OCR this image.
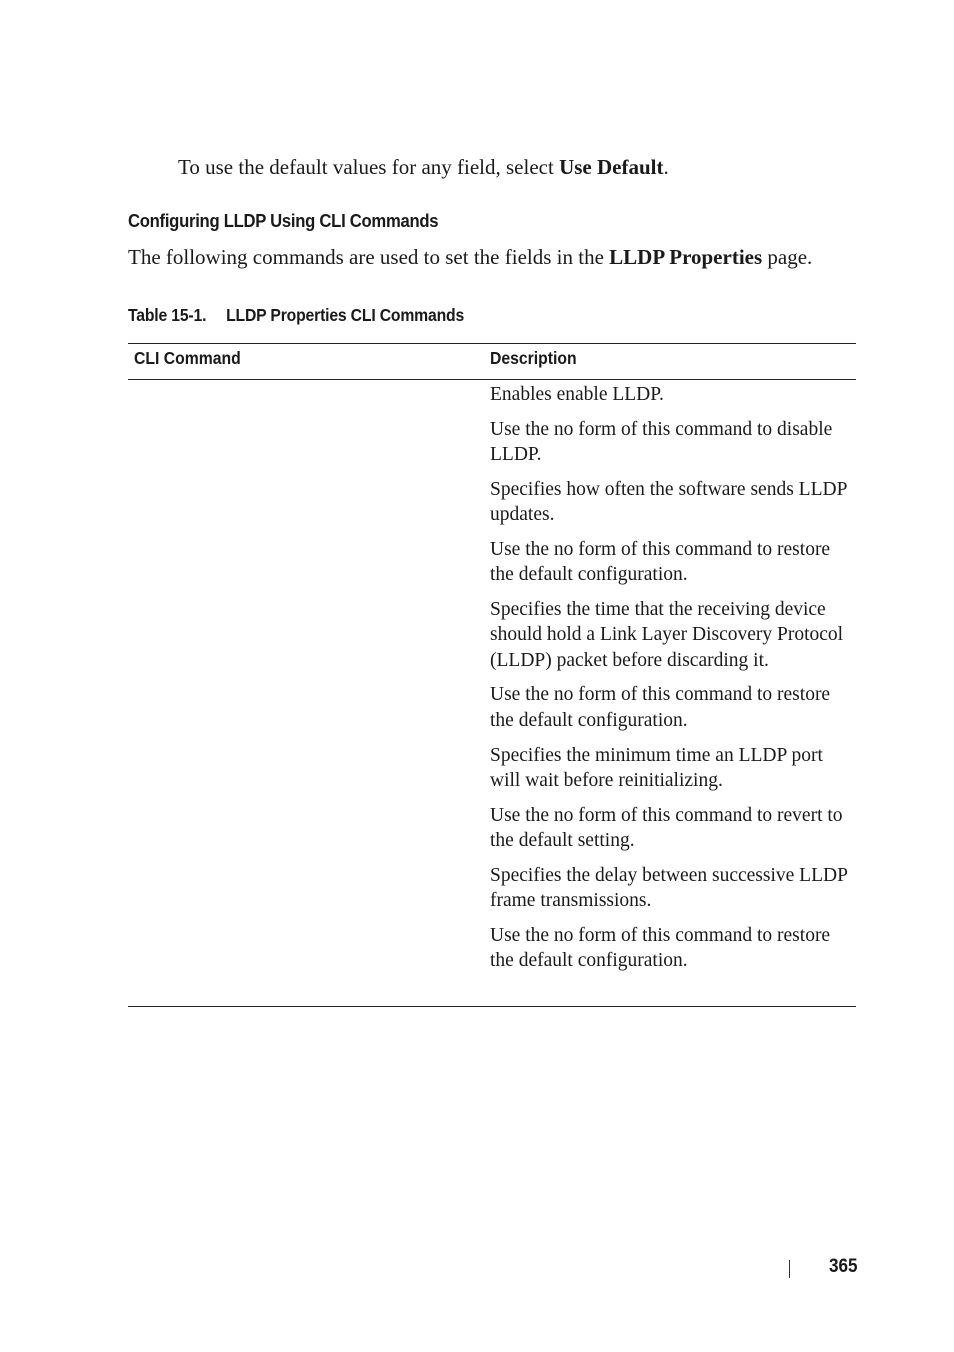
To use the default values for any field, select Use Default.

Configuring LLDP Using CLI Commands

The following commands are used to set the fields in the LLDP Properties page.

Table 15-1. LLDP Properties CLI Commands
CLI Command	Description

Enables enable LLDP.

Use the no form of this command to disable LLDP.

Specifies how often the software sends LLDP updates.

Use the no form of this command to restore the default configuration.

Specifies the time that the receiving device should hold a Link Layer Discovery Protocol (LLDP) packet before discarding it.

Use the no form of this command to restore the default configuration.

Specifies the minimum time an LLDP port will wait before reinitializing.

Use the no form of this command to revert to the default setting.

Specifies the delay between successive LLDP frame transmissions.

Use the no form of this command to restore the default configuration.

365
